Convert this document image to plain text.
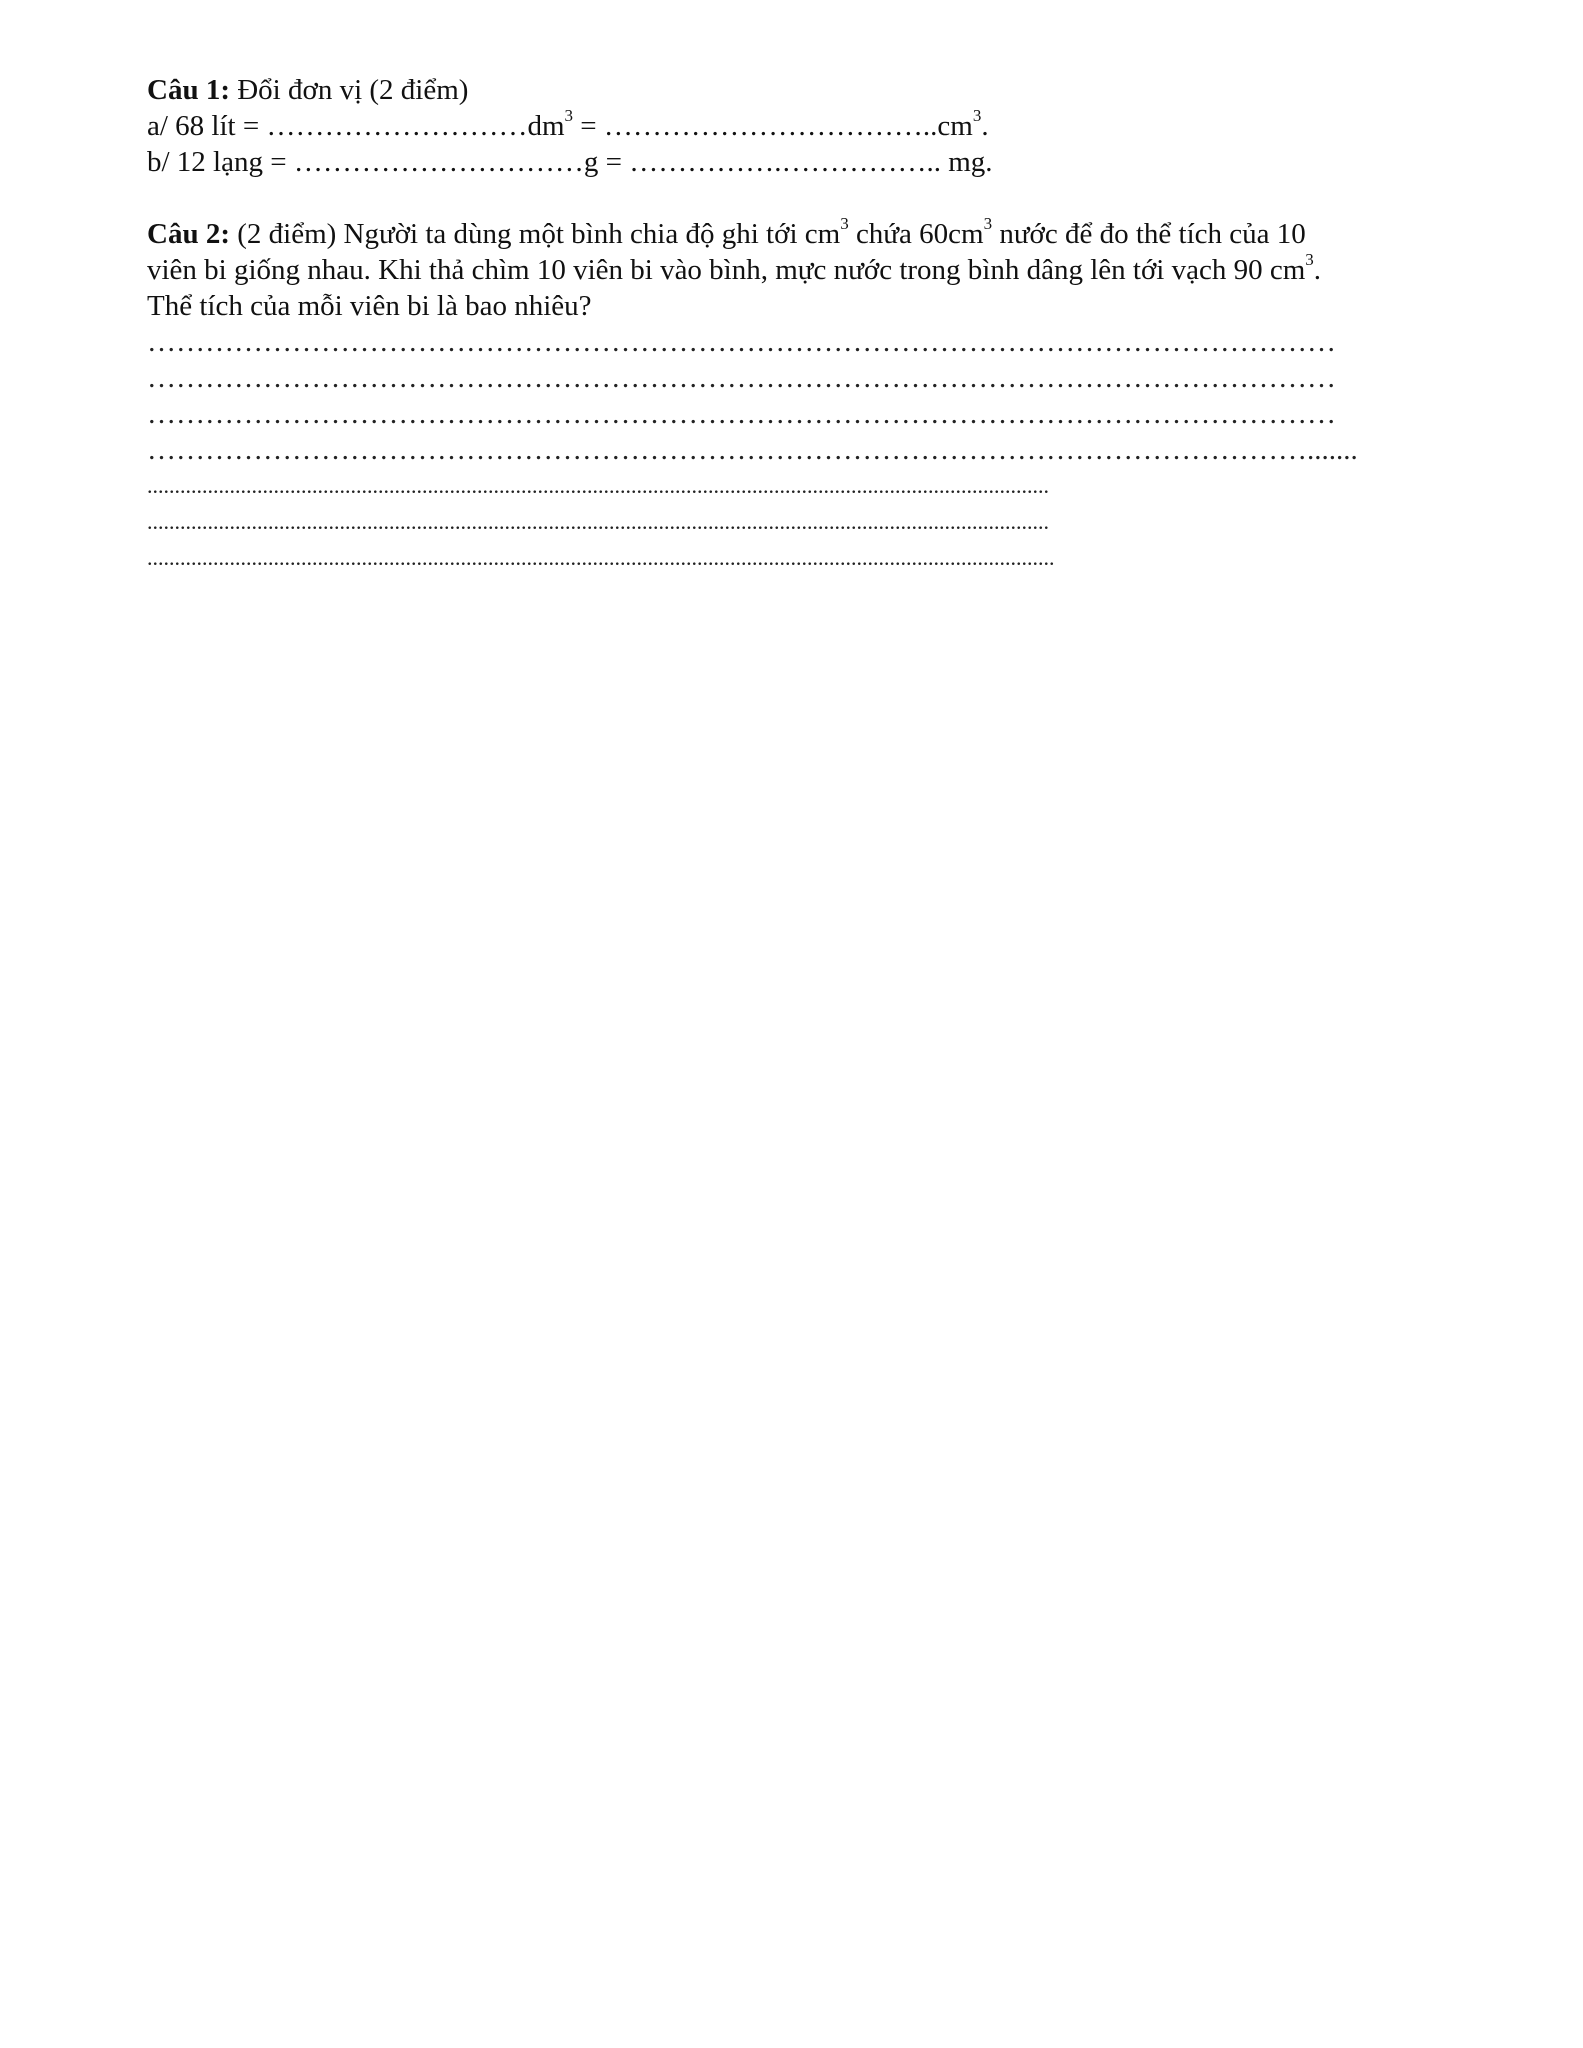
Câu 1: Đổi đơn vị (2 điểm)

a/ 68 lít = $\dots\dots\dots\dots\dots\dots\dots\dots\dots dm^3$ = $\dots\dots\dots\dots\dots\dots\dots\dots\dots\dots\dots..cm^3$.

b/ 12 lạng = …………………………g = …………….…………….. mg.

Câu 2: (2 điểm) Người ta dùng một bình chia độ ghi tới $cm^3$ chứa $60cm^3$ nước để đo thể tích của 10

viên bi giống nhau. Khi thả chìm 10 viên bi vào bình, mực nước trong bình dâng lên tới vạch 90 $cm^3$.

Thể tích của mỗi viên bi là bao nhiêu?

……………………………………………………………………………………………………………
……………………………………………………………………………………………………………
……………………………………………………………………………………………………………
………………………………………………………………………………………………………….......
....................................................................................................................................................................
....................................................................................................................................................................
.....................................................................................................................................................................
